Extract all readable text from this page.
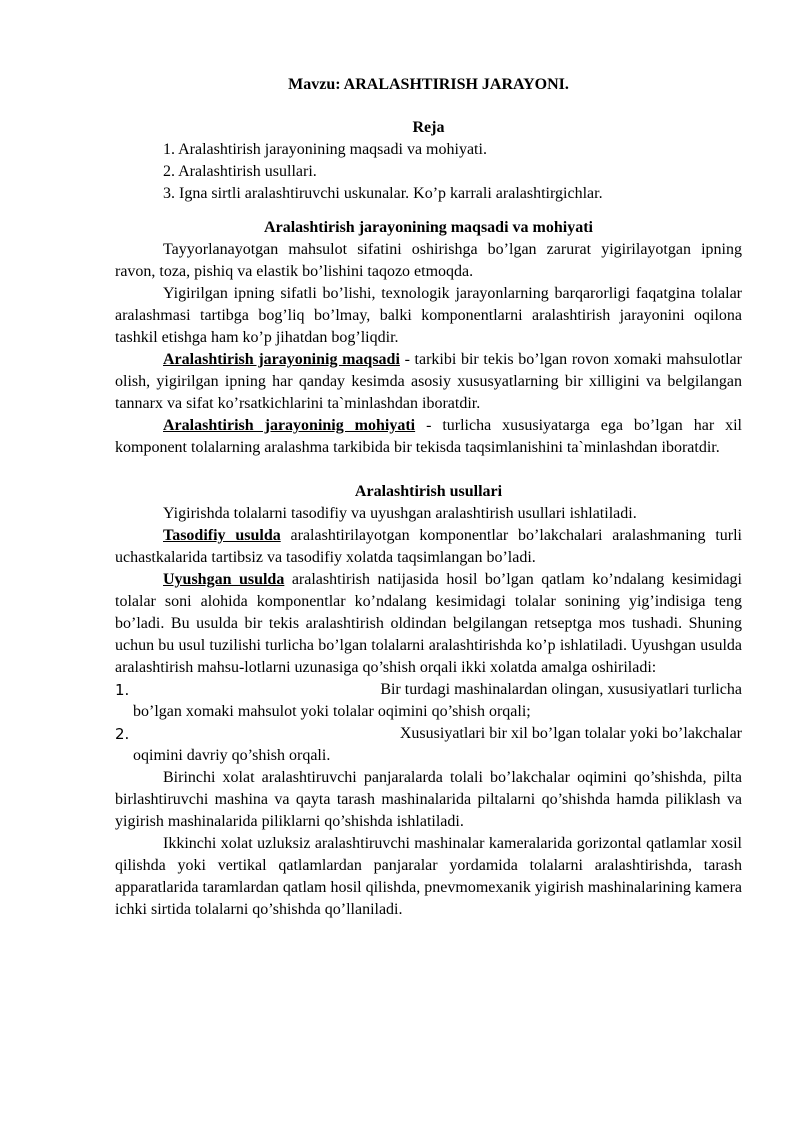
Mavzu: ARALASHTIRISH JARAYONI.
Reja
1. Aralashtirish jarayonining maqsadi va mohiyati.
2. Aralashtirish usullari.
3. Igna sirtli aralashtiruvchi uskunalar. Ko’p karrali aralashtirgichlar.
Aralashtirish jarayonining maqsadi va mohiyati

Tayyorlanayotgan mahsulot sifatini oshirishga bo’lgan zarurat yigirilayotgan ipning ravon, toza, pishiq va elastik bo’lishini taqozo etmoqda.

Yigirilgan ipning sifatli bo’lishi, texnologik jarayonlarning barqarorligi faqatgina tolalar aralashmasi tartibga bog’liq bo’lmay, balki komponentlarni aralashtirish jarayonini oqilona tashkil etishga ham ko’p jihatdan bog’liqdir.

Aralashtirish jarayoninig maqsadi - tarkibi bir tekis bo’lgan rovon xomaki mahsulotlar olish, yigirilgan ipning har qanday kesimda asosiy xususyatlarning bir xilligini va belgilangan tannarx va sifat ko’rsatkichlarini ta`minlashdan iboratdir.

Aralashtirish jarayoninig mohiyati - turlicha xususiyatarga ega bo’lgan har xil komponent tolalarning aralashma tarkibida bir tekisda taqsimlanishini ta`minlashdan iboratdir.

Aralashtirish usullari

Yigirishda tolalarni tasodifiy va uyushgan aralashtirish usullari ishlatiladi.

Tasodifiy usulda aralashtirilayotgan komponentlar bo’lakchalari aralashmaning turli uchastkalarida tartibsiz va tasodifiy xolatda taqsimlangan bo’ladi.

Uyushgan usulda aralashtirish natijasida hosil bo’lgan qatlam ko’ndalang kesimidagi tolalar soni alohida komponentlar ko’ndalang kesimidagi tolalar sonining yig’indisiga teng bo’ladi. Bu usulda bir tekis aralashtirish oldindan belgilangan retseptga mos tushadi. Shuning uchun bu usul tuzilishi turlicha bo’lgan tolalarni aralashtirishda ko’p ishlatiladi. Uyushgan usulda aralashtirish mahsu-lotlarni uzunasiga qo’shish orqali ikki xolatda amalga oshiriladi:

1.	Bir turdagi mashinalardan olingan, xususiyatlari turlicha
bo’lgan xomaki mahsulot yoki tolalar oqimini qo’shish orqali;
2.	Xususiyatlari bir xil bo’lgan tolalar yoki bo’lakchalar
oqimini davriy qo’shish orqali.

Birinchi xolat aralashtiruvchi panjaralarda tolali bo’lakchalar oqimini qo’shishda, pilta birlashtiruvchi mashina va qayta tarash mashinalarida piltalarni qo’shishda hamda piliklash va yigirish mashinalarida piliklarni qo’shishda ishlatiladi.

Ikkinchi xolat uzluksiz aralashtiruvchi mashinalar kameralarida gorizontal qatlamlar xosil qilishda yoki vertikal qatlamlardan panjaralar yordamida tolalarni aralashtirishda, tarash apparatlarida taramlardan qatlam hosil qilishda, pnevmomexanik yigirish mashinalarining kamera ichki sirtida tolalarni qo’shishda qo’llaniladi.
